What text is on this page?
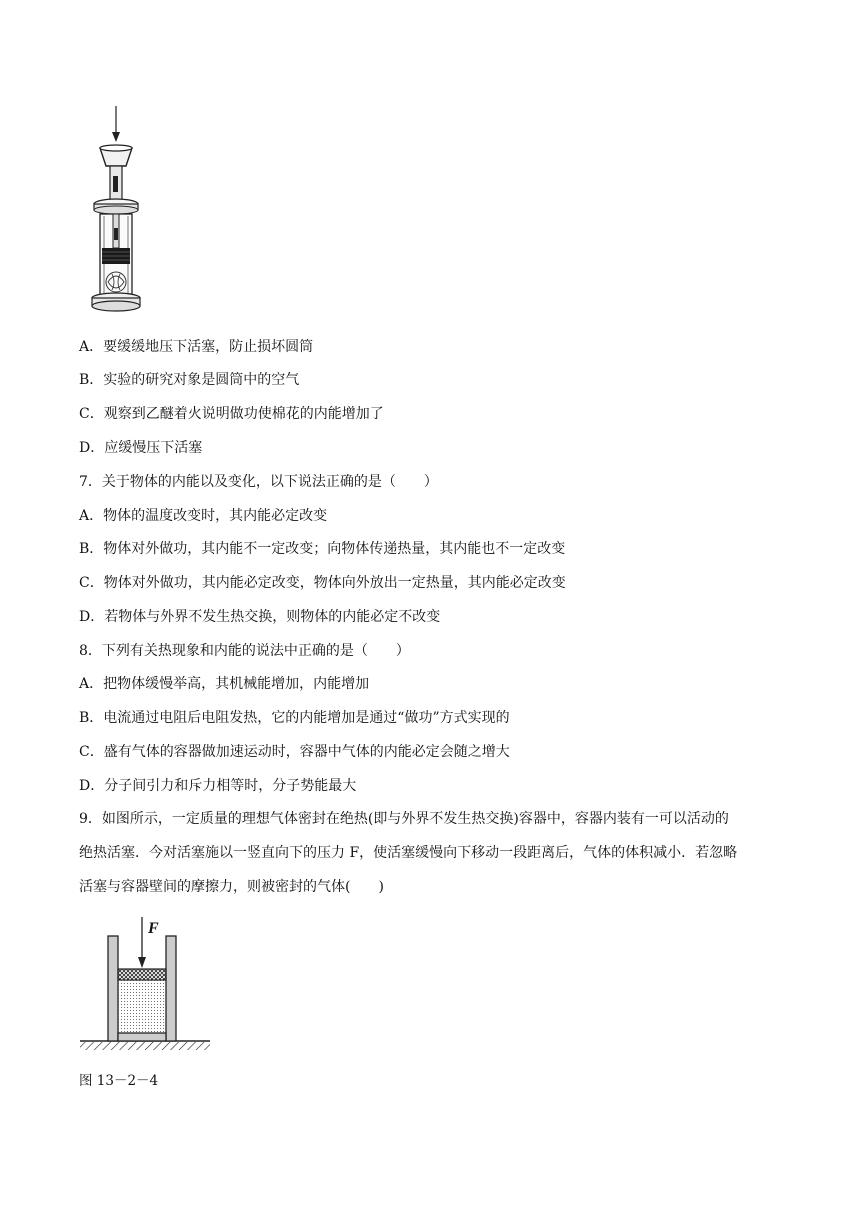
A．要缓缓地压下活塞，防止损坏圆筒
B．实验的研究对象是圆筒中的空气
C．观察到乙醚着火说明做功使棉花的内能增加了
D．应缓慢压下活塞
7．关于物体的内能以及变化，以下说法正确的是（　　）
A．物体的温度改变时，其内能必定改变
B．物体对外做功，其内能不一定改变；向物体传递热量，其内能也不一定改变
C．物体对外做功，其内能必定改变，物体向外放出一定热量，其内能必定改变
D．若物体与外界不发生热交换，则物体的内能必定不改变
8．下列有关热现象和内能的说法中正确的是（　　）
A．把物体缓慢举高，其机械能增加，内能增加
B．电流通过电阻后电阻发热，它的内能增加是通过“做功”方式实现的
C．盛有气体的容器做加速运动时，容器中气体的内能必定会随之增大
D．分子间引力和斥力相等时，分子势能最大
9．如图所示，一定质量的理想气体密封在绝热(即与外界不发生热交换)容器中，容器内装有一可以活动的
绝热活塞．今对活塞施以一竖直向下的压力 F，使活塞缓慢向下移动一段距离后，气体的体积减小．若忽略
活塞与容器壁间的摩擦力，则被密封的气体(　　)
F
图 13－2－4
